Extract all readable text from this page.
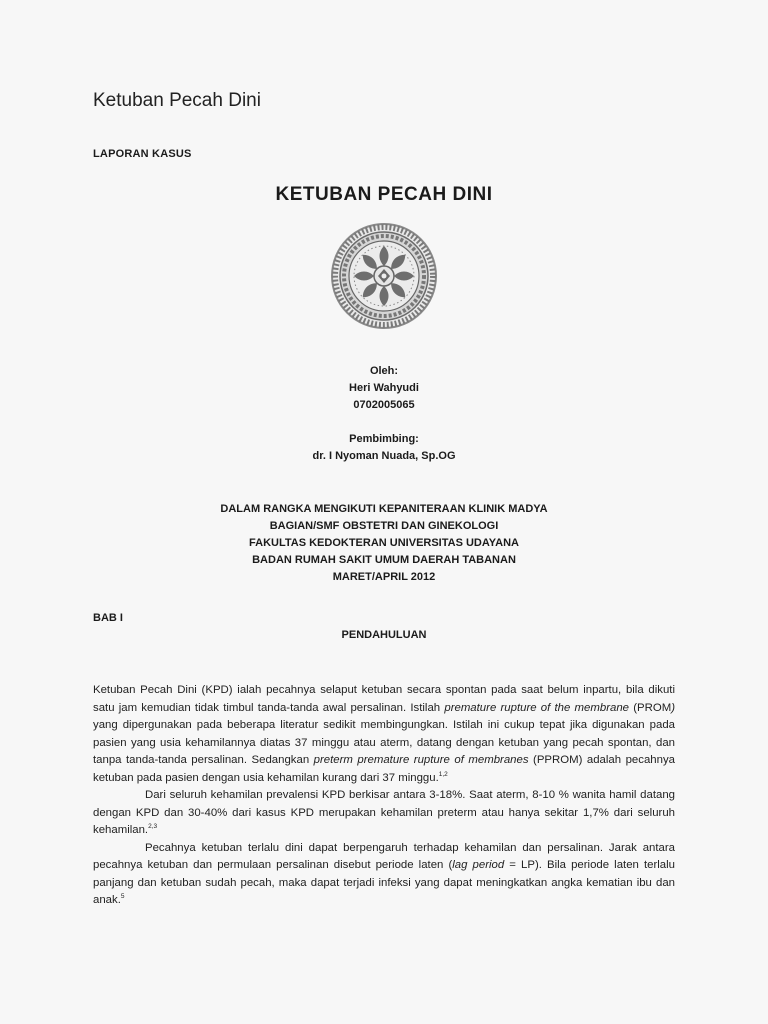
Ketuban Pecah Dini
LAPORAN KASUS
KETUBAN PECAH DINI
Oleh:
Heri Wahyudi
0702005065
Pembimbing:
dr. I Nyoman Nuada, Sp.OG
DALAM RANGKA MENGIKUTI KEPANITERAAN KLINIK MADYA
BAGIAN/SMF OBSTETRI DAN GINEKOLOGI
FAKULTAS KEDOKTERAN UNIVERSITAS UDAYANA
BADAN RUMAH SAKIT UMUM DAERAH TABANAN
MARET/APRIL 2012
BAB I
PENDAHULUAN

Ketuban Pecah Dini (KPD) ialah pecahnya selaput ketuban secara spontan pada saat belum inpartu, bila dikuti satu jam kemudian tidak timbul tanda-tanda awal persalinan. Istilah premature rupture of the membrane (PROM) yang dipergunakan pada beberapa literatur sedikit membingungkan. Istilah ini cukup tepat jika digunakan pada pasien yang usia kehamilannya diatas 37 minggu atau aterm, datang dengan ketuban yang pecah spontan, dan tanpa tanda-tanda persalinan. Sedangkan preterm premature rupture of membranes (PPROM) adalah pecahnya ketuban pada pasien dengan usia kehamilan kurang dari 37 minggu.$^{1,2}$

Dari seluruh kehamilan prevalensi KPD berkisar antara 3-18%. Saat aterm, 8-10 % wanita hamil datang dengan KPD dan 30-40% dari kasus KPD merupakan kehamilan preterm atau hanya sekitar 1,7% dari seluruh kehamilan.$^{2,3}$

Pecahnya ketuban terlalu dini dapat berpengaruh terhadap kehamilan dan persalinan. Jarak antara pecahnya ketuban dan permulaan persalinan disebut periode laten (lag period = LP). Bila periode laten terlalu panjang dan ketuban sudah pecah, maka dapat terjadi infeksi yang dapat meningkatkan angka kematian ibu dan anak.$^5$
